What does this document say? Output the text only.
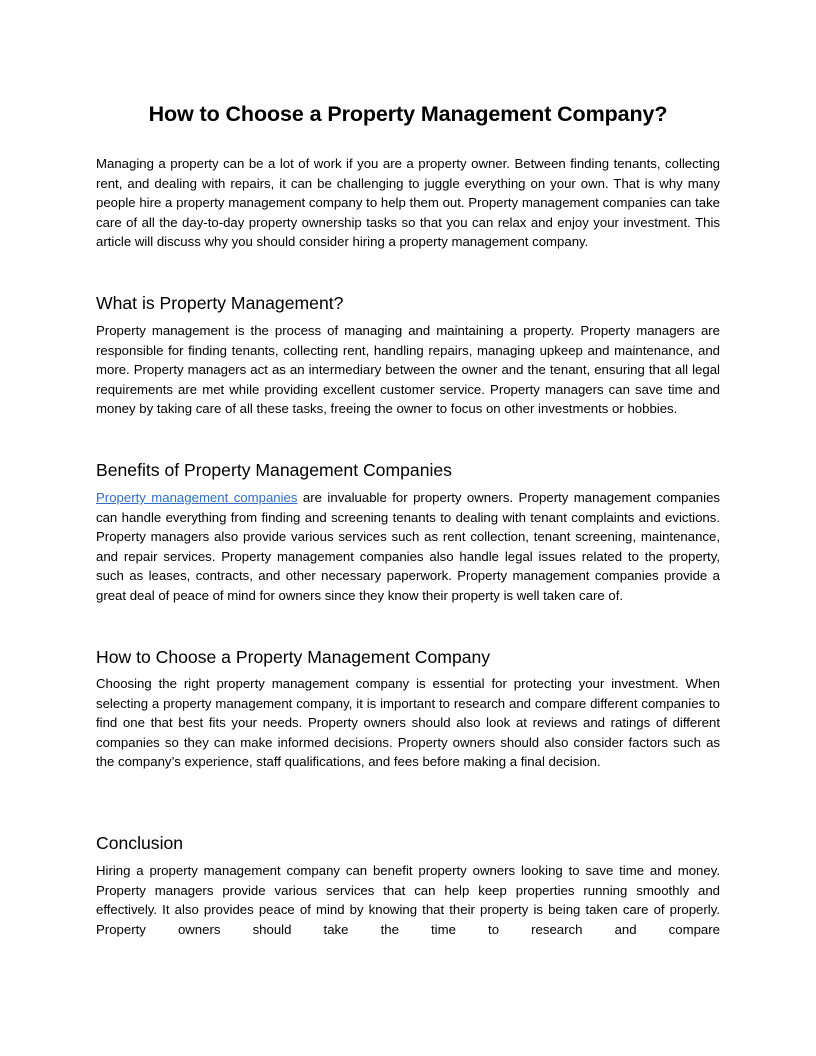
How to Choose a Property Management Company?

Managing a property can be a lot of work if you are a property owner. Between finding tenants, collecting rent, and dealing with repairs, it can be challenging to juggle everything on your own. That is why many people hire a property management company to help them out. Property management companies can take care of all the day-to-day property ownership tasks so that you can relax and enjoy your investment. This article will discuss why you should consider hiring a property management company.

What is Property Management?

Property management is the process of managing and maintaining a property. Property managers are responsible for finding tenants, collecting rent, handling repairs, managing upkeep and maintenance, and more. Property managers act as an intermediary between the owner and the tenant, ensuring that all legal requirements are met while providing excellent customer service. Property managers can save time and money by taking care of all these tasks, freeing the owner to focus on other investments or hobbies.

Benefits of Property Management Companies

Property management companies are invaluable for property owners. Property management companies can handle everything from finding and screening tenants to dealing with tenant complaints and evictions. Property managers also provide various services such as rent collection, tenant screening, maintenance, and repair services. Property management companies also handle legal issues related to the property, such as leases, contracts, and other necessary paperwork. Property management companies provide a great deal of peace of mind for owners since they know their property is well taken care of.

How to Choose a Property Management Company

Choosing the right property management company is essential for protecting your investment. When selecting a property management company, it is important to research and compare different companies to find one that best fits your needs. Property owners should also look at reviews and ratings of different companies so they can make informed decisions. Property owners should also consider factors such as the company’s experience, staff qualifications, and fees before making a final decision.

Conclusion

Hiring a property management company can benefit property owners looking to save time and money. Property managers provide various services that can help keep properties running smoothly and effectively. It also provides peace of mind by knowing that their property is being taken care of properly. Property owners should take the time to research and compare
